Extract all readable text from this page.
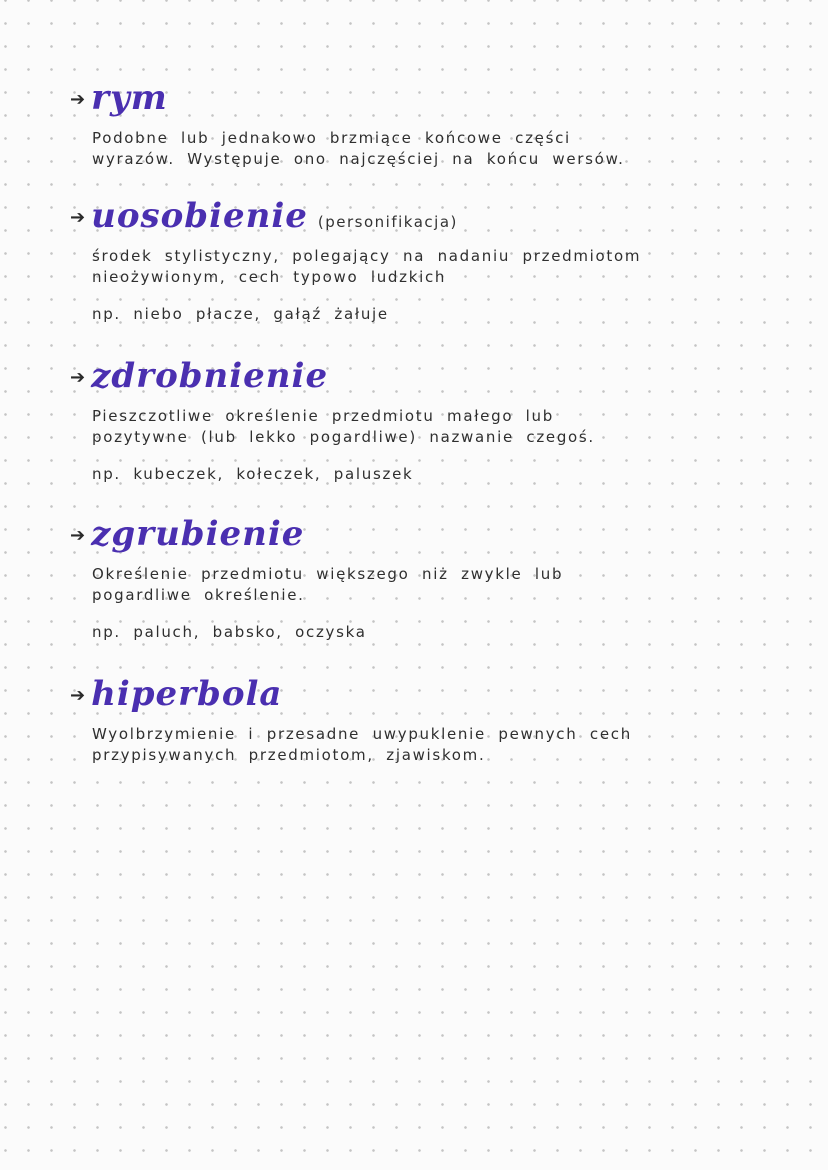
➔ rym
Podobne lub jednakowo brzmiące końcowe części
wyrazów. Występuje ono najczęściej na końcu wersów.
➔ uosobienie (personifikacja)
środek stylistyczny, polegający na nadaniu przedmiotom
nieożywionym, cech typowo ludzkich
np. niebo płacze, gałąź żałuje
➔ zdrobnienie
Pieszczotliwe określenie przedmiotu małego lub
pozytywne (lub lekko pogardliwe) nazwanie czegoś.
np. kubeczek, kołeczek, paluszek
➔ zgrubienie
Określenie przedmiotu większego niż zwykle lub
pogardliwe określenie.
np. paluch, babsko, oczyska
➔ hiperbola
Wyolbrzymienie i przesadne uwypuklenie pewnych cech
przypisywanych przedmiotom, zjawiskom.
